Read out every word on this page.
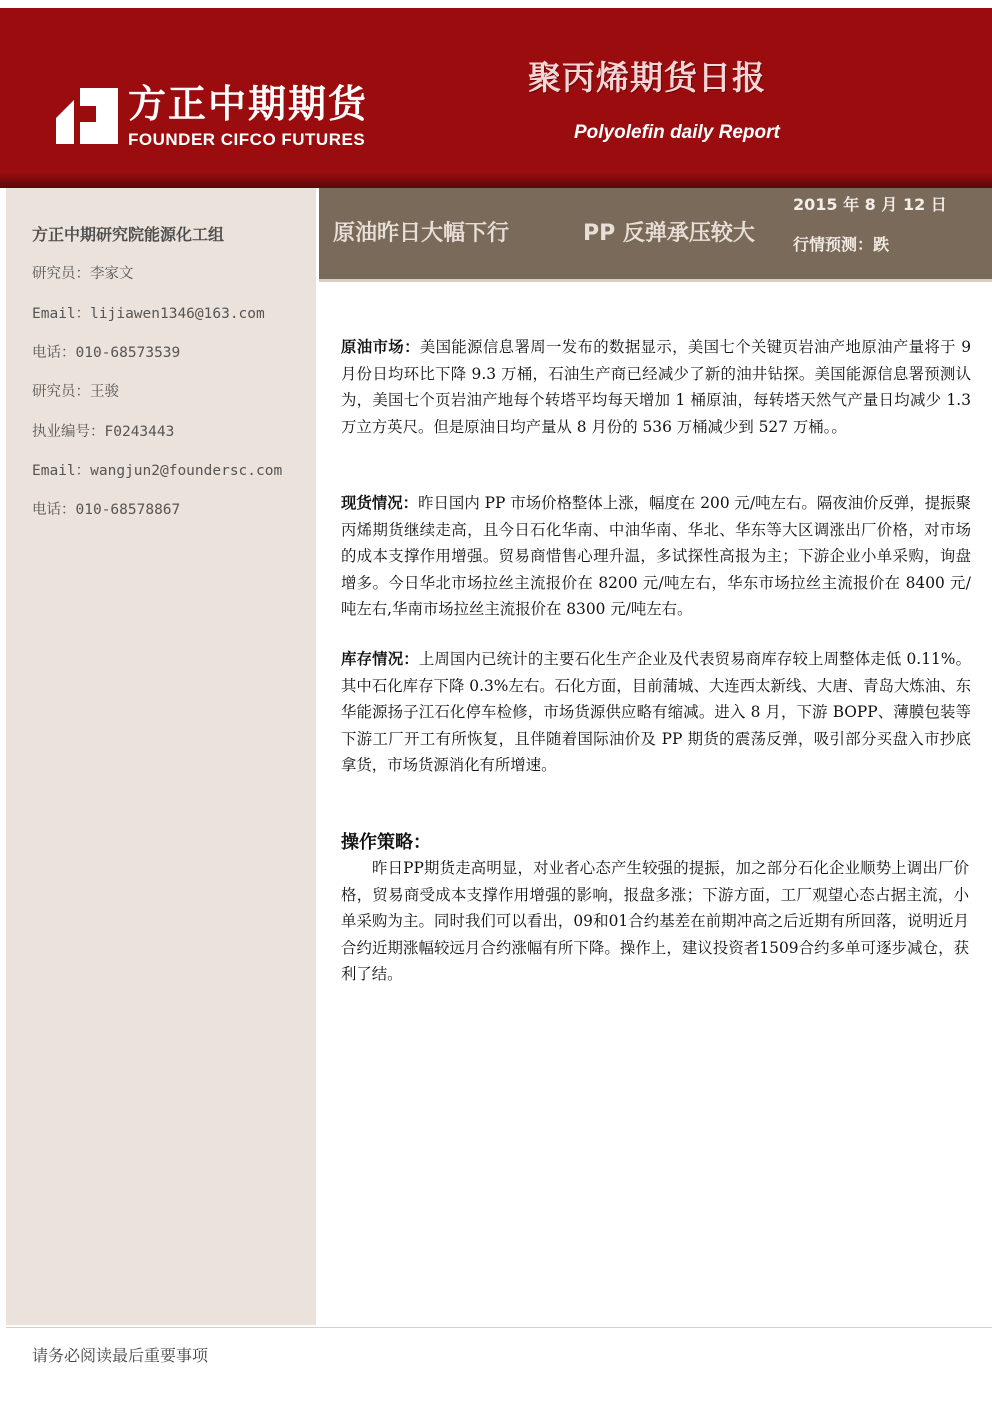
方正中期期货
FOUNDER CIFCO FUTURES
聚丙烯期货日报
Polyolefin daily Report
方正中期研究院能源化工组
研究员：李家文
Email：lijiawen1346@163.com
电话：010-68573539
研究员：王骏
执业编号：F0243443
Email：wangjun2@foundersc.com
电话：010-68578867
请务必阅读最后重要事项
原油昨日大幅下行	PP 反弹承压较大
2015 年 8 月 12 日
行情预测：跌
原油市场：美国能源信息署周一发布的数据显示，美国七个关键页岩油产地原油产量将于 9 月份日均环比下降 9.3 万桶，石油生产商已经减少了新的油井钻探。美国能源信息署预测认为，美国七个页岩油产地每个转塔平均每天增加 1 桶原油，每转塔天然气产量日均减少 1.3 万立方英尺。但是原油日均产量从 8 月份的 536 万桶减少到 527 万桶。。
现货情况：昨日国内 PP 市场价格整体上涨，幅度在 200 元/吨左右。隔夜油价反弹，提振聚丙烯期货继续走高，且今日石化华南、中油华南、华北、华东等大区调涨出厂价格，对市场的成本支撑作用增强。贸易商惜售心理升温，多试探性高报为主；下游企业小单采购，询盘增多。今日华北市场拉丝主流报价在 8200 元/吨左右，华东市场拉丝主流报价在 8400 元/吨左右,华南市场拉丝主流报价在 8300 元/吨左右。
库存情况：上周国内已统计的主要石化生产企业及代表贸易商库存较上周整体走低 0.11%。其中石化库存下降 0.3%左右。石化方面，目前蒲城、大连西太新线、大唐、青岛大炼油、东华能源扬子江石化停车检修，市场货源供应略有缩减。进入 8 月，下游 BOPP、薄膜包装等下游工厂开工有所恢复，且伴随着国际油价及 PP 期货的震荡反弹，吸引部分买盘入市抄底拿货，市场货源消化有所增速。
操作策略：
昨日PP期货走高明显，对业者心态产生较强的提振，加之部分石化企业顺势上调出厂价格，贸易商受成本支撑作用增强的影响，报盘多涨；下游方面，工厂观望心态占据主流，小单采购为主。同时我们可以看出，09和01合约基差在前期冲高之后近期有所回落，说明近月合约近期涨幅较远月合约涨幅有所下降。操作上，建议投资者1509合约多单可逐步减仓，获利了结。
